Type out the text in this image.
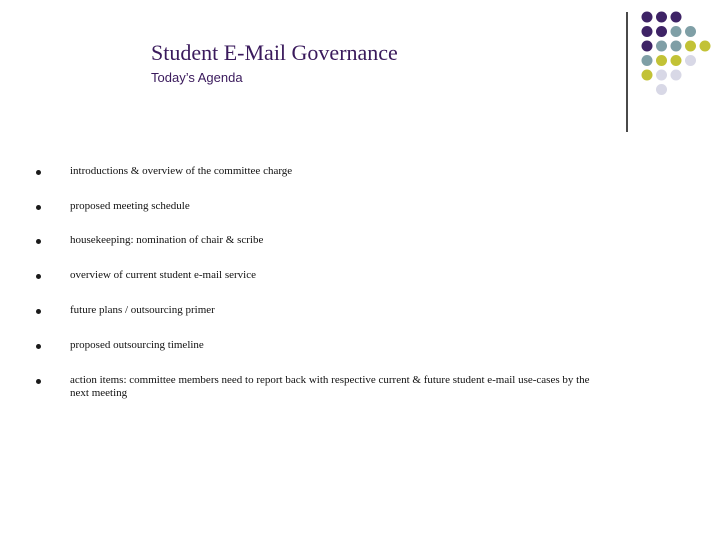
Student E-Mail Governance
Today’s Agenda
introductions & overview of the committee charge
proposed meeting schedule
housekeeping: nomination of chair & scribe
overview of current student e-mail service
future plans / outsourcing primer
proposed outsourcing timeline
action items: committee members need to report back with respective current & future student e-mail use-cases by the next meeting
